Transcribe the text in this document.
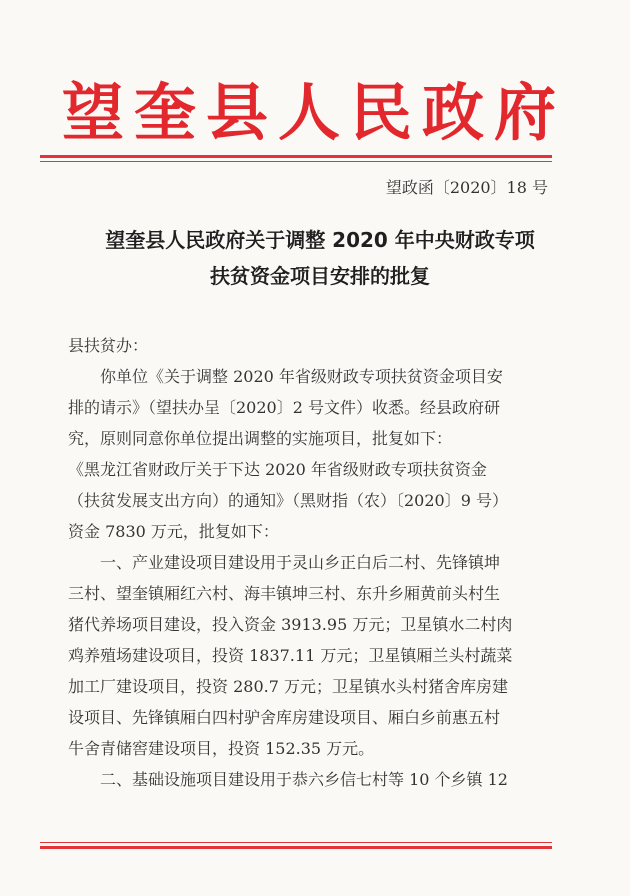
望奎县人民政府
望政函〔2020〕18 号
望奎县人民政府关于调整 2020 年中央财政专项
扶贫资金项目安排的批复
县扶贫办：
　　你单位《关于调整 2020 年省级财政专项扶贫资金项目安
排的请示》（望扶办呈〔2020〕2 号文件）收悉。经县政府研
究，原则同意你单位提出调整的实施项目，批复如下：
《黑龙江省财政厅关于下达 2020 年省级财政专项扶贫资金
（扶贫发展支出方向）的通知》（黑财指（农）〔2020〕9 号）
资金 7830 万元，批复如下：
　　一、产业建设项目建设用于灵山乡正白后二村、先锋镇坤
三村、望奎镇厢红六村、海丰镇坤三村、东升乡厢黄前头村生
猪代养场项目建设，投入资金 3913.95 万元；卫星镇水二村肉
鸡养殖场建设项目，投资 1837.11 万元；卫星镇厢兰头村蔬菜
加工厂建设项目，投资 280.7 万元；卫星镇水头村猪舍库房建
设项目、先锋镇厢白四村驴舍库房建设项目、厢白乡前惠五村
牛舍青储窖建设项目，投资 152.35 万元。
　　二、基础设施项目建设用于恭六乡信七村等 10 个乡镇 12
